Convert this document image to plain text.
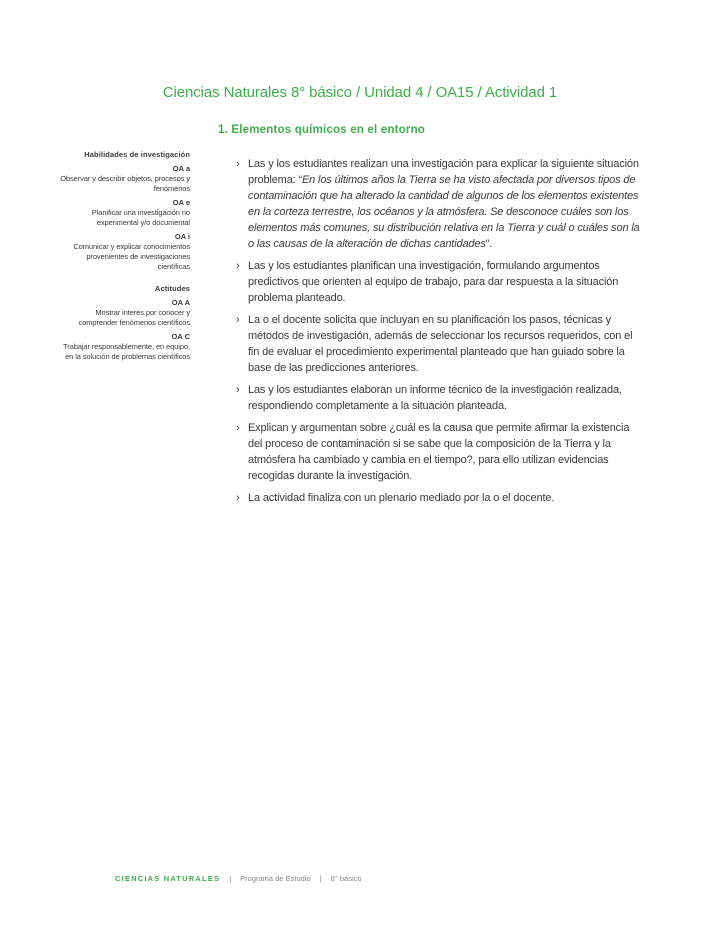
Ciencias Naturales 8° básico / Unidad 4 / OA15 / Actividad 1
1. Elementos químicos en el entorno
Habilidades de investigación
OA a
Observar y describir objetos, procesos y fenómenos
OA e
Planificar una investigación no experimental y/o documental
OA i
Comunicar y explicar conocimientos provenientes de investigaciones científicas
Actitudes
OA A
Mostrar interés por conocer y comprender fenómenos científicos
OA C
Trabajar responsablemente, en equipo, en la solución de problemas científicos
› Las y los estudiantes realizan una investigación para explicar la siguiente situación problema: “En los últimos años la Tierra se ha visto afectada por diversos tipos de contaminación que ha alterado la cantidad de algunos de los elementos existentes en la corteza terrestre, los océanos y la atmósfera. Se desconoce cuáles son los elementos más comunes, su distribución relativa en la Tierra y cuál o cuáles son la o las causas de la alteración de dichas cantidades”.

› Las y los estudiantes planifican una investigación, formulando argumentos predictivos que orienten al equipo de trabajo, para dar respuesta a la situación problema planteado.

› La o el docente solicita que incluyan en su planificación los pasos, técnicas y métodos de investigación, además de seleccionar los recursos requeridos, con el fin de evaluar el procedimiento experimental planteado que han guiado sobre la base de las predicciones anteriores.

› Las y los estudiantes elaboran un informe técnico de la investigación realizada, respondiendo completamente a la situación planteada.

› Explican y argumentan sobre ¿cuál es la causa que permite afirmar la existencia del proceso de contaminación si se sabe que la composición de la Tierra y la atmósfera ha cambiado y cambia en el tiempo?, para ello utilizan evidencias recogidas durante la investigación.

› La actividad finaliza con un plenario mediado por la o el docente.

CIENCIAS NATURALES | Programa de Estudio | 8° básico
